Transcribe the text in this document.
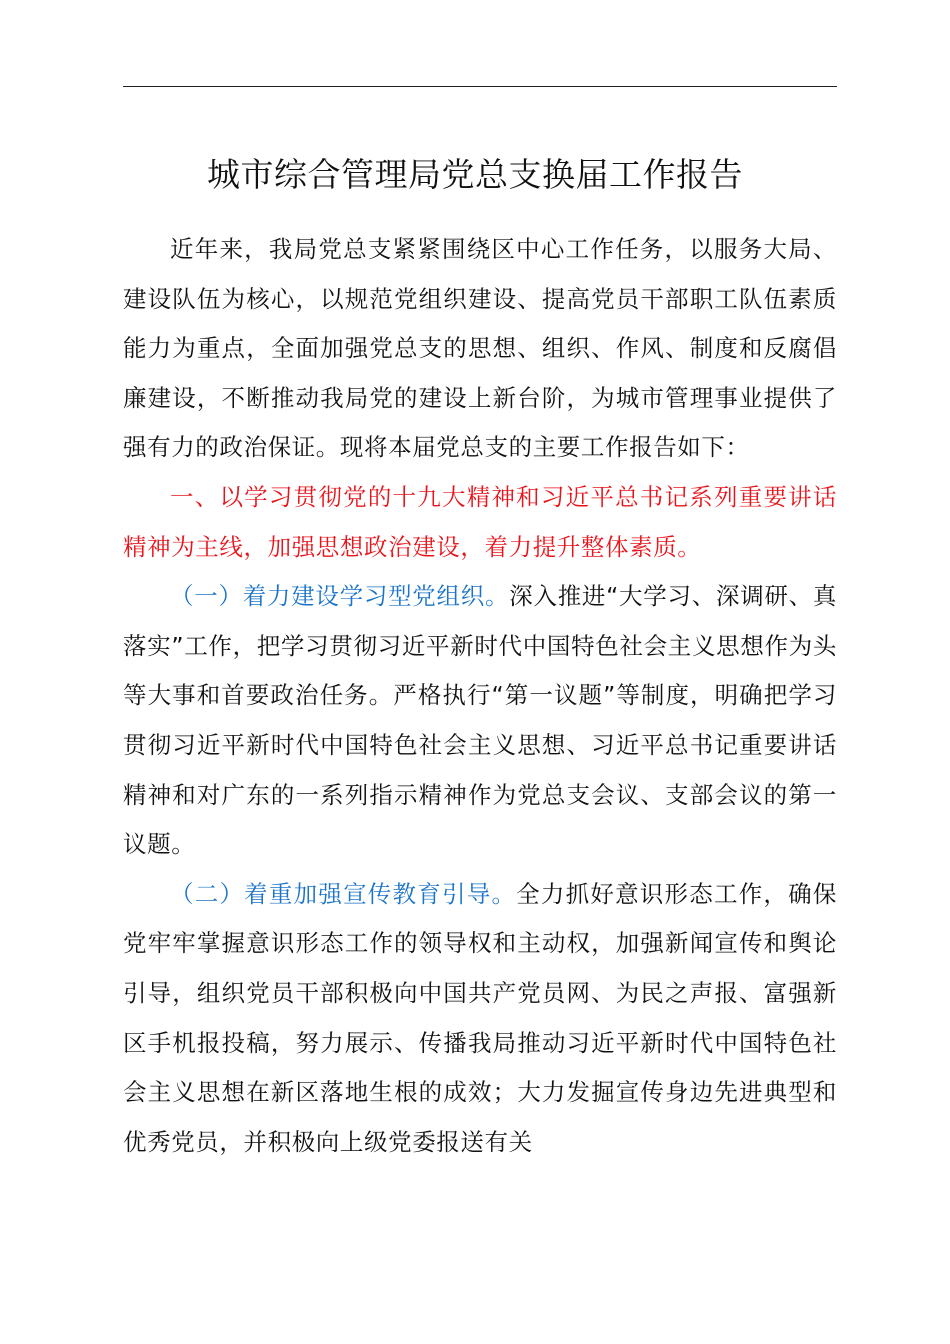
城市综合管理局党总支换届工作报告

近年来，我局党总支紧紧围绕区中心工作任务，以服务大局、建设队伍为核心，以规范党组织建设、提高党员干部职工队伍素质能力为重点，全面加强党总支的思想、组织、作风、制度和反腐倡廉建设，不断推动我局党的建设上新台阶，为城市管理事业提供了强有力的政治保证。现将本届党总支的主要工作报告如下：

一、以学习贯彻党的十九大精神和习近平总书记系列重要讲话精神为主线，加强思想政治建设，着力提升整体素质。

（一）着力建设学习型党组织。深入推进“大学习、深调研、真落实”工作，把学习贯彻习近平新时代中国特色社会主义思想作为头等大事和首要政治任务。严格执行“第一议题”等制度，明确把学习贯彻习近平新时代中国特色社会主义思想、习近平总书记重要讲话精神和对广东的一系列指示精神作为党总支会议、支部会议的第一议题。

（二）着重加强宣传教育引导。全力抓好意识形态工作，确保党牢牢掌握意识形态工作的领导权和主动权，加强新闻宣传和舆论引导，组织党员干部积极向中国共产党员网、为民之声报、富强新区手机报投稿，努力展示、传播我局推动习近平新时代中国特色社会主义思想在新区落地生根的成效；大力发掘宣传身边先进典型和优秀党员，并积极向上级党委报送有关
